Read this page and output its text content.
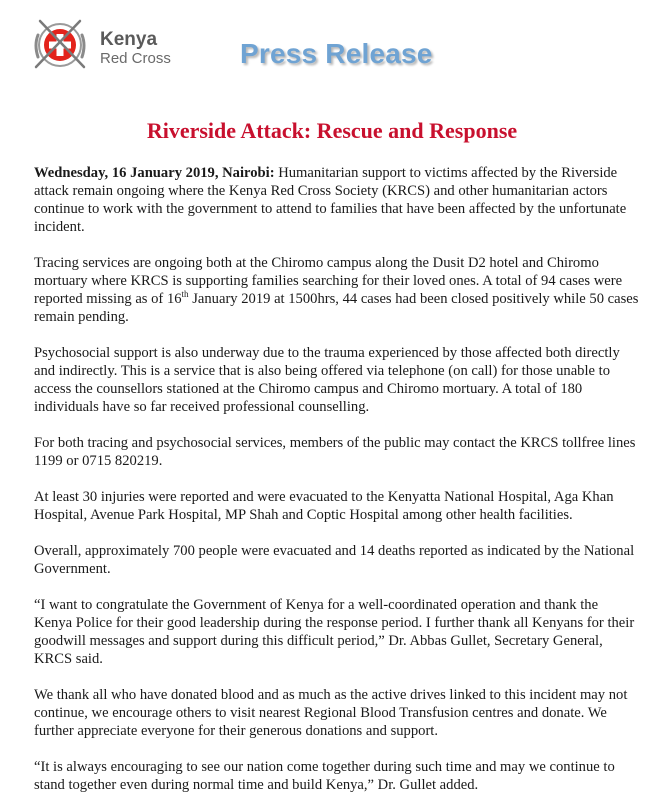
Kenya
Red Cross Press Release
Riverside Attack: Rescue and Response

Wednesday, 16 January 2019, Nairobi: Humanitarian support to victims affected by the Riverside attack remain ongoing where the Kenya Red Cross Society (KRCS) and other humanitarian actors continue to work with the government to attend to families that have been affected by the unfortunate incident.

Tracing services are ongoing both at the Chiromo campus along the Dusit D2 hotel and Chiromo mortuary where KRCS is supporting families searching for their loved ones. A total of 94 cases were reported missing as of 16th January 2019 at 1500hrs, 44 cases had been closed positively while 50 cases remain pending.

Psychosocial support is also underway due to the trauma experienced by those affected both directly and indirectly. This is a service that is also being offered via telephone (on call) for those unable to access the counsellors stationed at the Chiromo campus and Chiromo mortuary. A total of 180 individuals have so far received professional counselling.

For both tracing and psychosocial services, members of the public may contact the KRCS tollfree lines 1199 or 0715 820219.

At least 30 injuries were reported and were evacuated to the Kenyatta National Hospital, Aga Khan Hospital, Avenue Park Hospital, MP Shah and Coptic Hospital among other health facilities.

Overall, approximately 700 people were evacuated and 14 deaths reported as indicated by the National Government.

“I want to congratulate the Government of Kenya for a well-coordinated operation and thank the Kenya Police for their good leadership during the response period. I further thank all Kenyans for their goodwill messages and support during this difficult period,” Dr. Abbas Gullet, Secretary General, KRCS said.

We thank all who have donated blood and as much as the active drives linked to this incident may not continue, we encourage others to visit nearest Regional Blood Transfusion centres and donate. We further appreciate everyone for their generous donations and support.

“It is always encouraging to see our nation come together during such time and may we continue to stand together even during normal time and build Kenya,” Dr. Gullet added.
